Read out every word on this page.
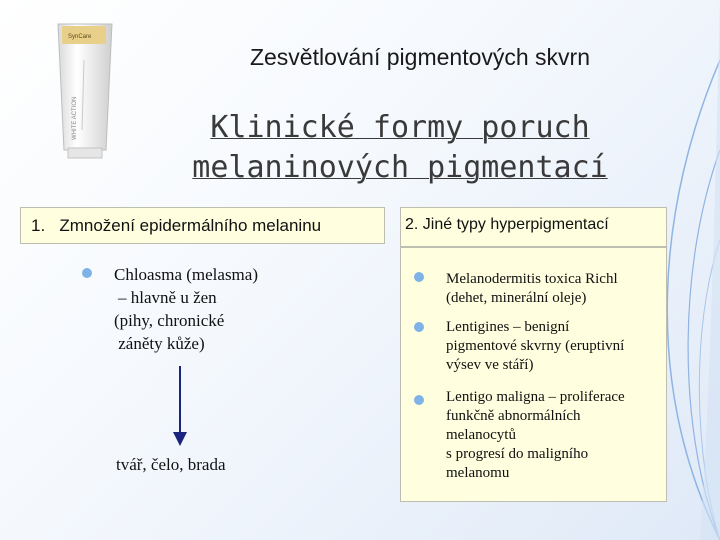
SynCare
WHITE ACTION
Zesvětlování pigmentových skvrn
Klinické formy poruch
melaninových pigmentací
1.   Zmnožení epidermálního melaninu
Chloasma (melasma)
– hlavně u žen
(pihy, chronické
záněty kůže)
tvář, čelo, brada
2. Jiné typy hyperpigmentací
Melanodermitis toxica Richl
(dehet, minerální oleje)
Lentigines – benigní
pigmentové skvrny (eruptivní
výsev ve stáří)
Lentigo maligna – proliferace
funkčně abnormálních
melanocytů
s progresí do maligního
melanomu
